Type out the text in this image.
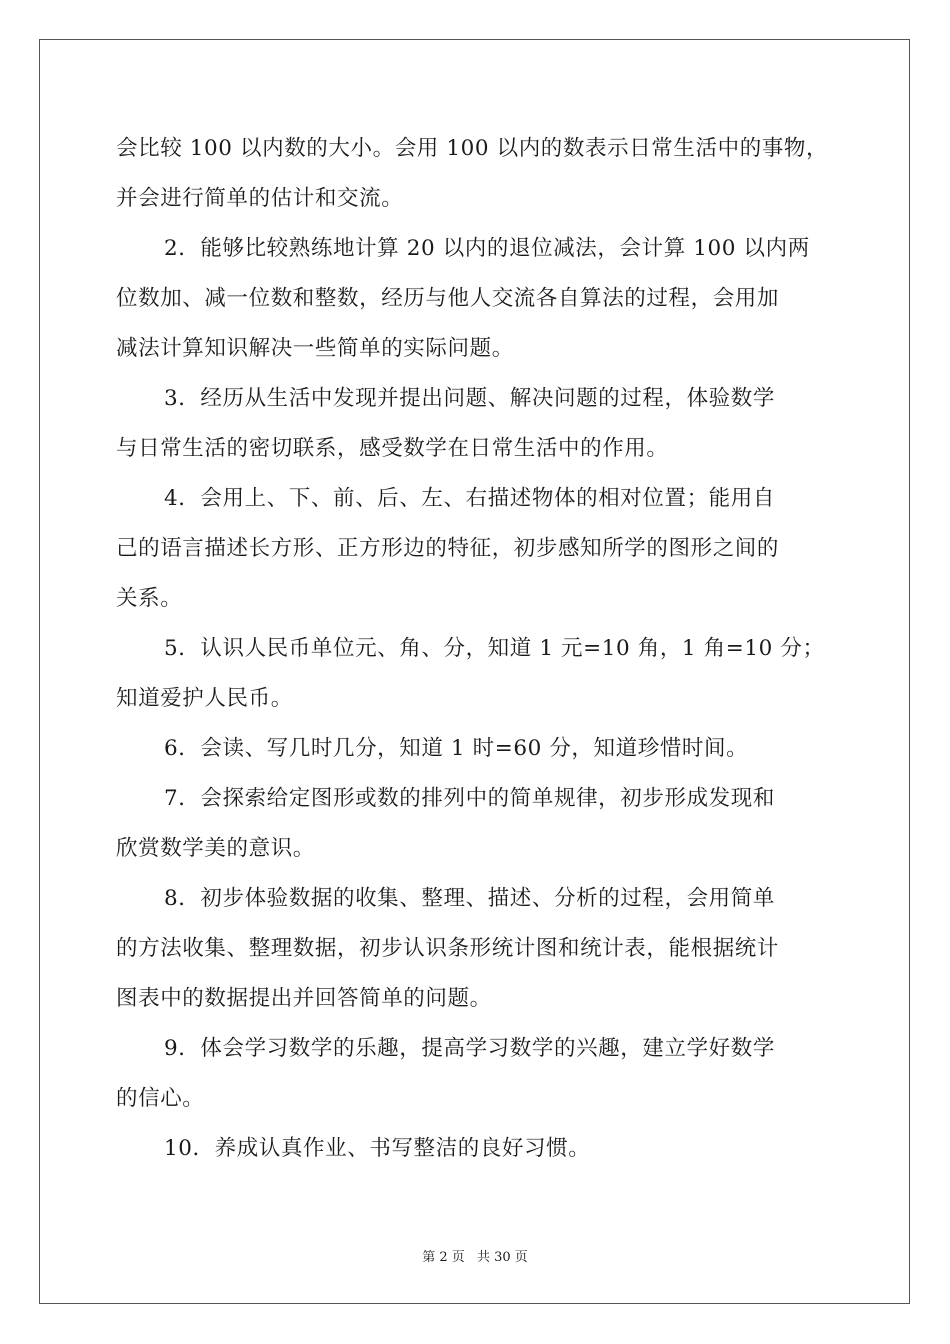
会比较 100 以内数的大小。会用 100 以内的数表示日常生活中的事物，
并会进行简单的估计和交流。
2．能够比较熟练地计算 20 以内的退位减法，会计算 100 以内两
位数加、减一位数和整数，经历与他人交流各自算法的过程，会用加
减法计算知识解决一些简单的实际问题。
3．经历从生活中发现并提出问题、解决问题的过程，体验数学
与日常生活的密切联系，感受数学在日常生活中的作用。
4．会用上、下、前、后、左、右描述物体的相对位置；能用自
己的语言描述长方形、正方形边的特征，初步感知所学的图形之间的
关系。
5．认识人民币单位元、角、分，知道 1 元=10 角，1 角=10 分；
知道爱护人民币。
6．会读、写几时几分，知道 1 时=60 分，知道珍惜时间。
7．会探索给定图形或数的排列中的简单规律，初步形成发现和
欣赏数学美的意识。
8．初步体验数据的收集、整理、描述、分析的过程，会用简单
的方法收集、整理数据，初步认识条形统计图和统计表，能根据统计
图表中的数据提出并回答简单的问题。
9．体会学习数学的乐趣，提高学习数学的兴趣，建立学好数学
的信心。
10．养成认真作业、书写整洁的良好习惯。
第 2 页 共 30 页
